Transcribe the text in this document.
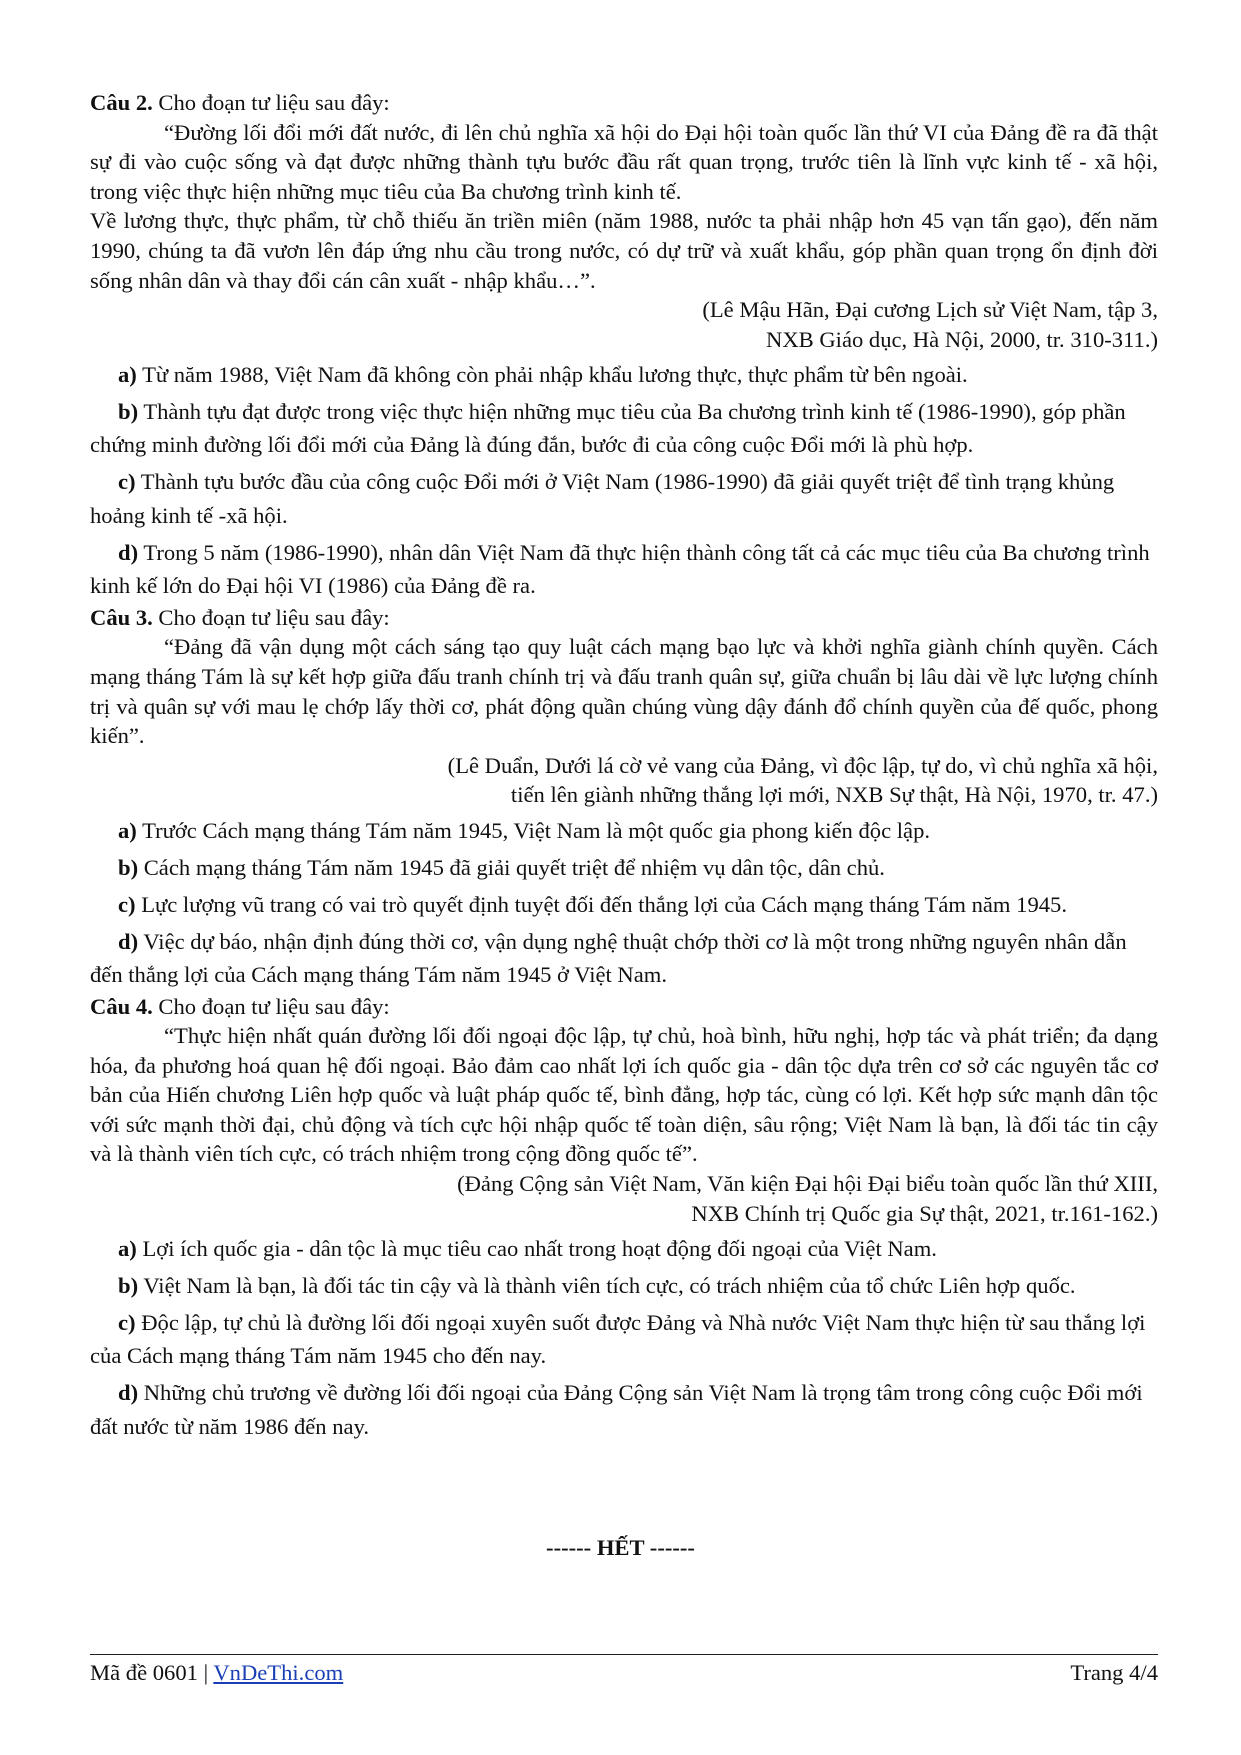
Câu 2. Cho đoạn tư liệu sau đây:

“Đường lối đổi mới đất nước, đi lên chủ nghĩa xã hội do Đại hội toàn quốc lần thứ VI của Đảng đề ra đã thật sự đi vào cuộc sống và đạt được những thành tựu bước đầu rất quan trọng, trước tiên là lĩnh vực kinh tế - xã hội, trong việc thực hiện những mục tiêu của Ba chương trình kinh tế.

Về lương thực, thực phẩm, từ chỗ thiếu ăn triền miên (năm 1988, nước ta phải nhập hơn 45 vạn tấn gạo), đến năm 1990, chúng ta đã vươn lên đáp ứng nhu cầu trong nước, có dự trữ và xuất khẩu, góp phần quan trọng ổn định đời sống nhân dân và thay đổi cán cân xuất - nhập khẩu…”.

(Lê Mậu Hãn, Đại cương Lịch sử Việt Nam, tập 3,

NXB Giáo dục, Hà Nội, 2000, tr. 310-311.)

a) Từ năm 1988, Việt Nam đã không còn phải nhập khẩu lương thực, thực phẩm từ bên ngoài.

b) Thành tựu đạt được trong việc thực hiện những mục tiêu của Ba chương trình kinh tế (1986-1990), góp phần chứng minh đường lối đổi mới của Đảng là đúng đắn, bước đi của công cuộc Đổi mới là phù hợp.

c) Thành tựu bước đầu của công cuộc Đổi mới ở Việt Nam (1986-1990) đã giải quyết triệt để tình trạng khủng hoảng kinh tế -xã hội.

d) Trong 5 năm (1986-1990), nhân dân Việt Nam đã thực hiện thành công tất cả các mục tiêu của Ba chương trình kinh kế lớn do Đại hội VI (1986) của Đảng đề ra.

Câu 3. Cho đoạn tư liệu sau đây:

“Đảng đã vận dụng một cách sáng tạo quy luật cách mạng bạo lực và khởi nghĩa giành chính quyền. Cách mạng tháng Tám là sự kết hợp giữa đấu tranh chính trị và đấu tranh quân sự, giữa chuẩn bị lâu dài về lực lượng chính trị và quân sự với mau lẹ chớp lấy thời cơ, phát động quần chúng vùng dậy đánh đổ chính quyền của đế quốc, phong kiến”.

(Lê Duẩn, Dưới lá cờ vẻ vang của Đảng, vì độc lập, tự do, vì chủ nghĩa xã hội,

tiến lên giành những thắng lợi mới, NXB Sự thật, Hà Nội, 1970, tr. 47.)

a) Trước Cách mạng tháng Tám năm 1945, Việt Nam là một quốc gia phong kiến độc lập.

b) Cách mạng tháng Tám năm 1945 đã giải quyết triệt để nhiệm vụ dân tộc, dân chủ.

c) Lực lượng vũ trang có vai trò quyết định tuyệt đối đến thắng lợi của Cách mạng tháng Tám năm 1945.

d) Việc dự báo, nhận định đúng thời cơ, vận dụng nghệ thuật chớp thời cơ là một trong những nguyên nhân dẫn đến thắng lợi của Cách mạng tháng Tám năm 1945 ở Việt Nam.

Câu 4. Cho đoạn tư liệu sau đây:

“Thực hiện nhất quán đường lối đối ngoại độc lập, tự chủ, hoà bình, hữu nghị, hợp tác và phát triển; đa dạng hóa, đa phương hoá quan hệ đối ngoại. Bảo đảm cao nhất lợi ích quốc gia - dân tộc dựa trên cơ sở các nguyên tắc cơ bản của Hiến chương Liên hợp quốc và luật pháp quốc tế, bình đẳng, hợp tác, cùng có lợi. Kết hợp sức mạnh dân tộc với sức mạnh thời đại, chủ động và tích cực hội nhập quốc tế toàn diện, sâu rộng; Việt Nam là bạn, là đối tác tin cậy và là thành viên tích cực, có trách nhiệm trong cộng đồng quốc tế”.

(Đảng Cộng sản Việt Nam, Văn kiện Đại hội Đại biểu toàn quốc lần thứ XIII,

NXB Chính trị Quốc gia Sự thật, 2021, tr.161-162.)

a) Lợi ích quốc gia - dân tộc là mục tiêu cao nhất trong hoạt động đối ngoại của Việt Nam.

b) Việt Nam là bạn, là đối tác tin cậy và là thành viên tích cực, có trách nhiệm của tổ chức Liên hợp quốc.

c) Độc lập, tự chủ là đường lối đối ngoại xuyên suốt được Đảng và Nhà nước Việt Nam thực hiện từ sau thắng lợi của Cách mạng tháng Tám năm 1945 cho đến nay.

d) Những chủ trương về đường lối đối ngoại của Đảng Cộng sản Việt Nam là trọng tâm trong công cuộc Đổi mới đất nước từ năm 1986 đến nay.

------ HẾT ------
Mã đề 0601 | VnDeThi.com	Trang 4/4
